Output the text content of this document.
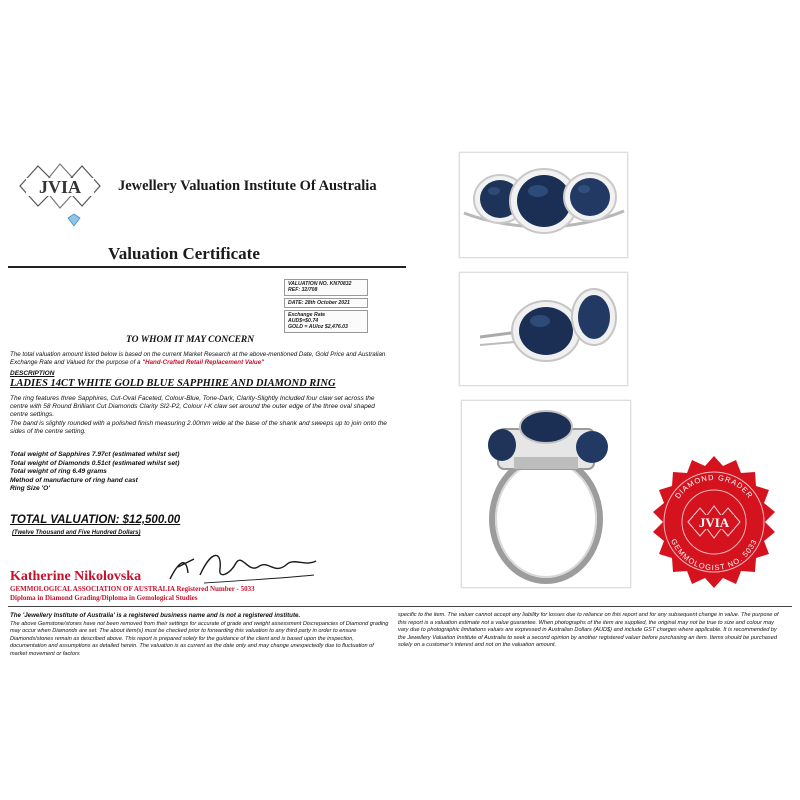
JVIA	Jewellery Valuation Institute Of Australia
Valuation Certificate
VALUATION NO. KN70832
REF: 32/708
DATE: 28th October 2021
Exchange Rate
AUD$=$0.74
GOLD = AU/oz $2,476.03
TO WHOM IT MAY CONCERN
The total valuation amount listed below is based on the current Market Research at the above-mentioned Date, Gold Price and Australian Exchange Rate and Valued for the purpose of a "Hand-Crafted Retail Replacement Value"
DESCRIPTION
LADIES 14CT WHITE GOLD BLUE SAPPHIRE AND DIAMOND RING
The ring features three Sapphires, Cut-Oval Faceted, Colour-Blue, Tone-Dark, Clarity-Slightly Included four claw set across the centre with 58 Round Brilliant Cut Diamonds Clarity SI2-P2, Colour I-K claw set around the outer edge of the three oval shaped centre settings.
The band is slightly rounded with a polished finish measuring 2.00mm wide at the base of the shank and sweeps up to join onto the sides of the centre setting.
Total weight of Sapphires 7.97ct (estimated whilst set)
Total weight of Diamonds 0.51ct (estimated whilst set)
Total weight of ring 6.49 grams
Method of manufacture of ring hand cast
Ring Size 'O'
TOTAL VALUATION: $12,500.00
(Twelve Thousand and Five Hundred Dollars)
Katherine Nikolovska
GEMMOLOGICAL ASSOCIATION OF AUSTRALIA Registered Number - 5033
Diploma in Diamond Grading/Diploma in Gemological Studies
The 'Jewellery Institute of Australia' is a registered business name and is not a registered institute.
The above Gemstone/stones have not been removed from their settings for accurate of grade and weight assessment Discrepancies of Diamond grading may occur when Diamonds are set. The about item(s) must be checked prior to forwarding this valuation to any third party in order to ensure Diamonds/stones remain as described above. This report is prepared solely for the guidance of the client and is based upon the inspection, documentation and assumptions as detailed herein. The valuation is as current as the date only and may change unexpectedly due to fluctuation of market movement or factors
specific to the item. The valuer cannot accept any liability for losses due to reliance on this report and for any subsequent change in value. The purpose of this report is a valuation estimate not a value guarantee. When photographs of the item are supplied, the original may not be true to size and colour may vary due to photographic limitations values are expressed in Australian Dollars (AUD$) and include GST charges where applicable. It is recommended by the Jewellery Valuation Institute of Australia to seek a second opinion by another registered valuer before purchasing an item. Items should be purchased solely on a customer's interest and not on the valuation amount.
JVIA
DIAMOND GRADER
GEMMOLOGIST NO. 5033
